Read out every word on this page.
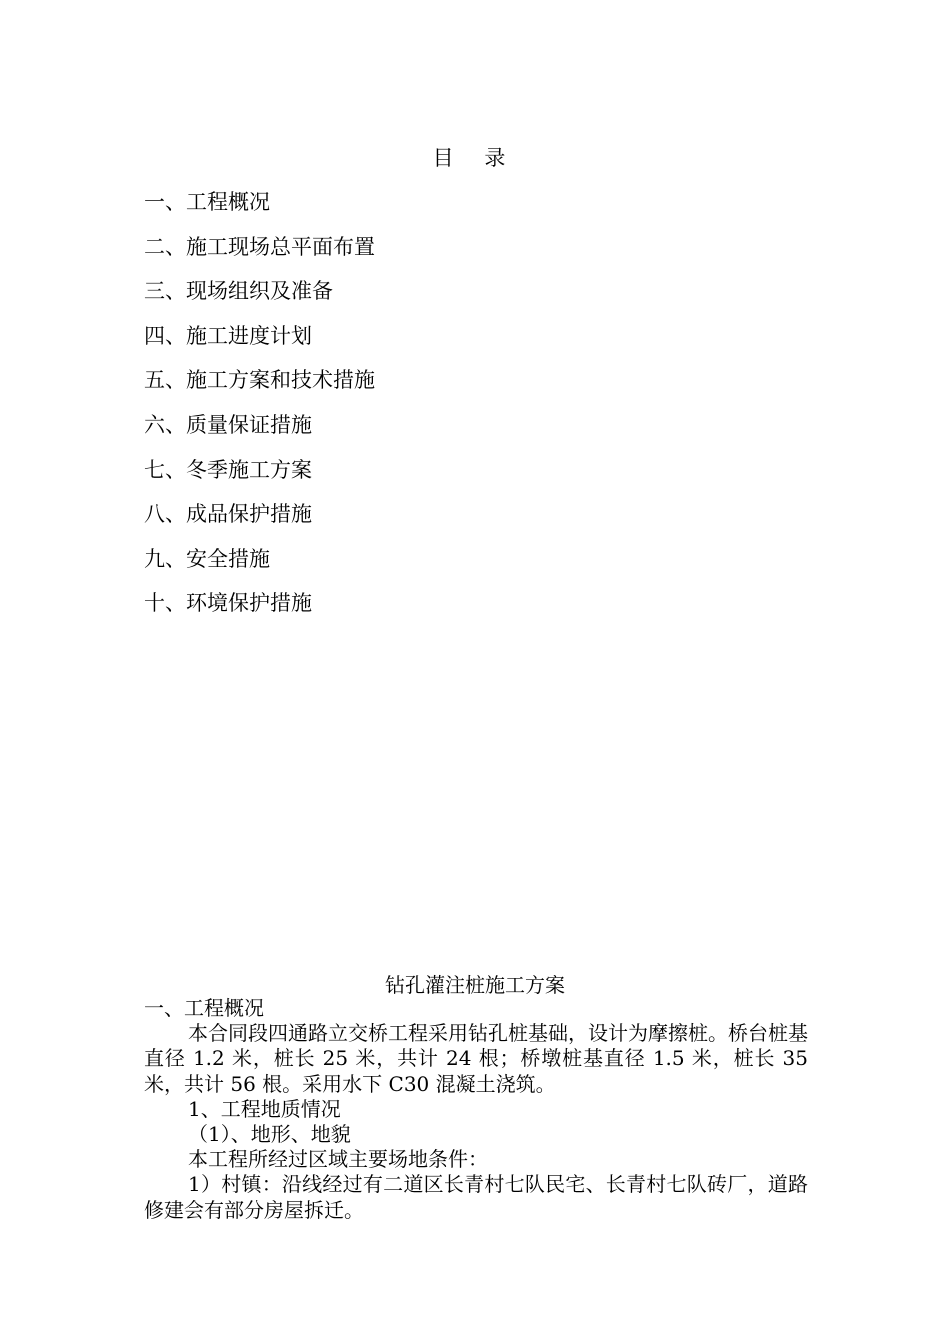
目 录
一、工程概况
二、施工现场总平面布置
三、现场组织及准备
四、施工进度计划
五、施工方案和技术措施
六、质量保证措施
七、冬季施工方案
八、成品保护措施
九、安全措施
十、环境保护措施
钻孔灌注桩施工方案
一、工程概况
本合同段四通路立交桥工程采用钻孔桩基础，设计为摩擦桩。桥台桩基直径 1.2 米，桩长 25 米，共计 24 根；桥墩桩基直径 1.5 米，桩长 35 米，共计 56 根。采用水下 C30 混凝土浇筑。
1、工程地质情况
（1）、地形、地貌
本工程所经过区域主要场地条件：
1）村镇：沿线经过有二道区长青村七队民宅、长青村七队砖厂，道路修建会有部分房屋拆迁。
